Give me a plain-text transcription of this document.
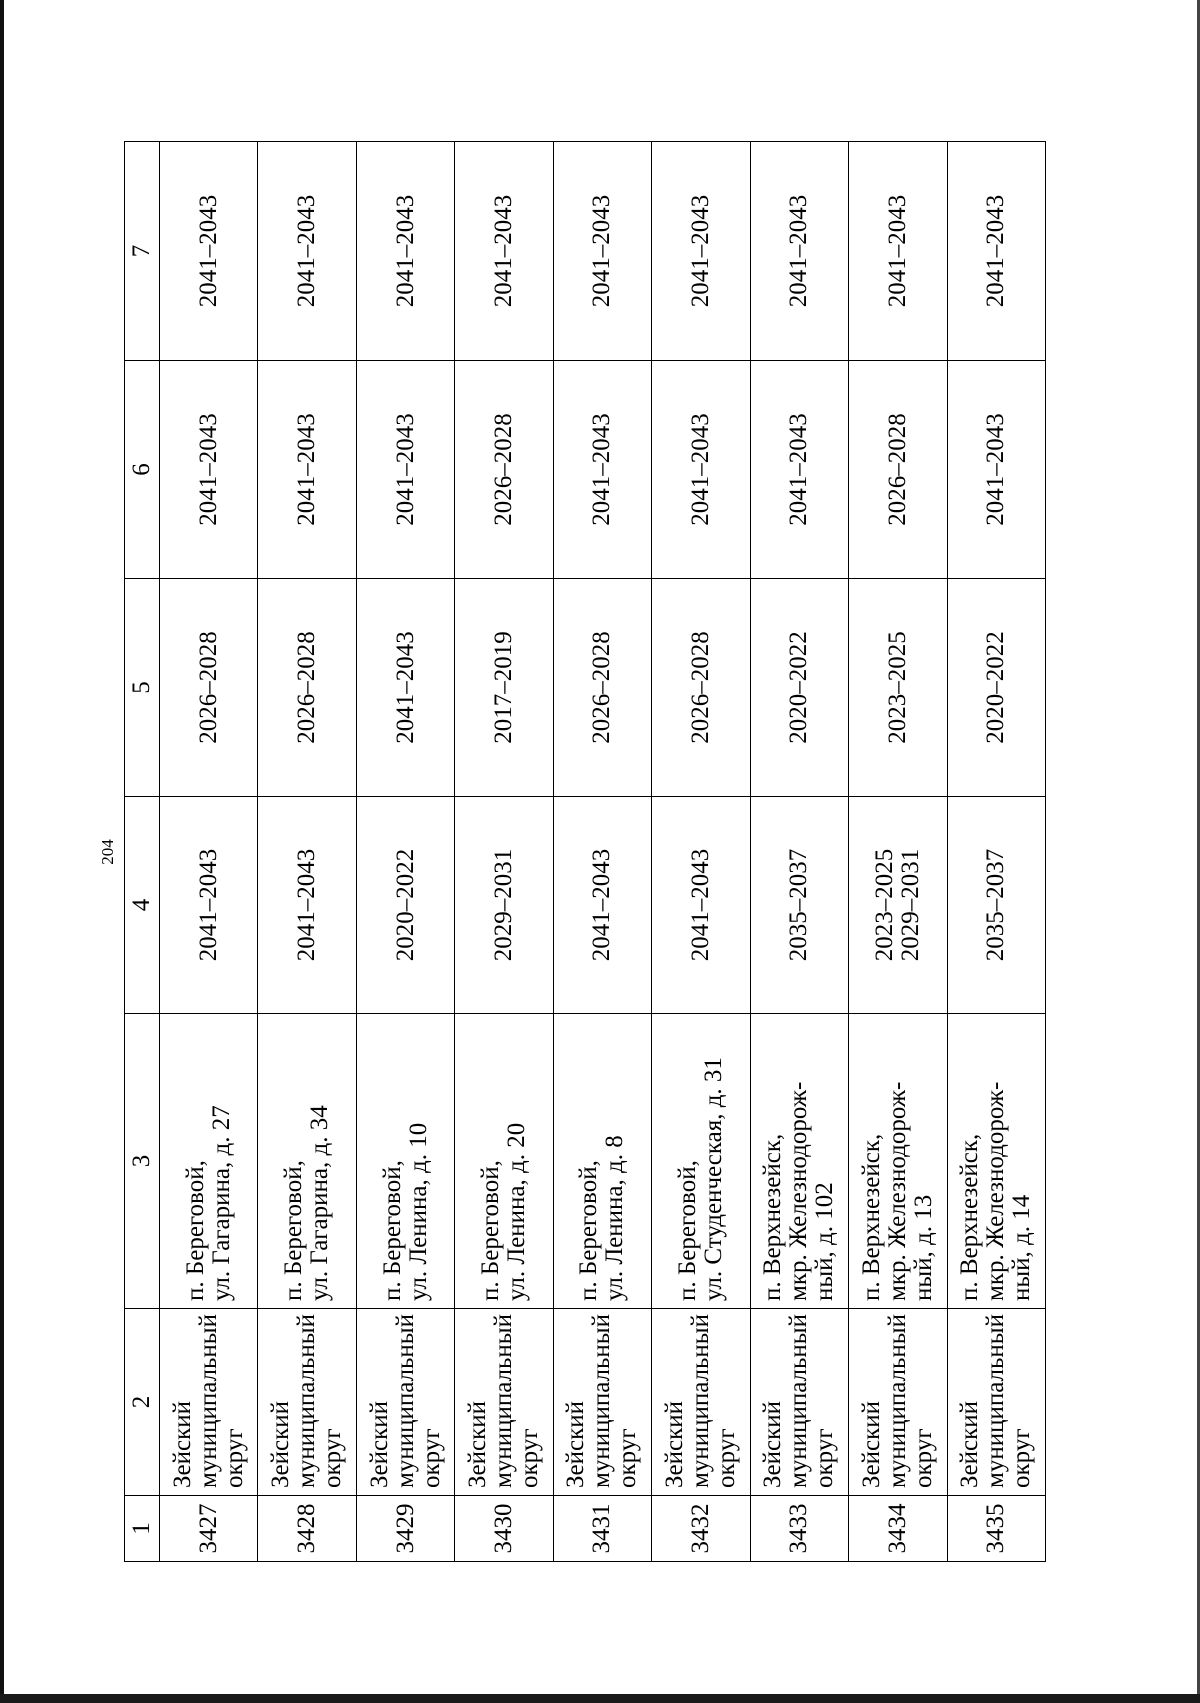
204
1	2	3	4	5	6	7
3427	Зейский муниципальный округ	п. Береговой, ул. Гагарина, д. 27	2041–2043	2026–2028	2041–2043	2041–2043
3428	Зейский муниципальный округ	п. Береговой, ул. Гагарина, д. 34	2041–2043	2026–2028	2041–2043	2041–2043
3429	Зейский муниципальный округ	п. Береговой, ул. Ленина, д. 10	2020–2022	2041–2043	2041–2043	2041–2043
3430	Зейский муниципальный округ	п. Береговой, ул. Ленина, д. 20	2029–2031	2017–2019	2026–2028	2041–2043
3431	Зейский муниципальный округ	п. Береговой, ул. Ленина, д. 8	2041–2043	2026–2028	2041–2043	2041–2043
3432	Зейский муниципальный округ	п. Береговой, ул. Студенческая, д. 31	2041–2043	2026–2028	2041–2043	2041–2043
3433	Зейский муниципальный округ	п. Верхнезейск, мкр. Железнодорож- ный, д. 102	2035–2037	2020–2022	2041–2043	2041–2043
3434	Зейский муниципальный округ	п. Верхнезейск, мкр. Железнодорож- ный, д. 13	2023–2025 2029–2031	2023–2025	2026–2028	2041–2043
3435	Зейский муниципальный округ	п. Верхнезейск, мкр. Железнодорож- ный, д. 14	2035–2037	2020–2022	2041–2043	2041–2043
